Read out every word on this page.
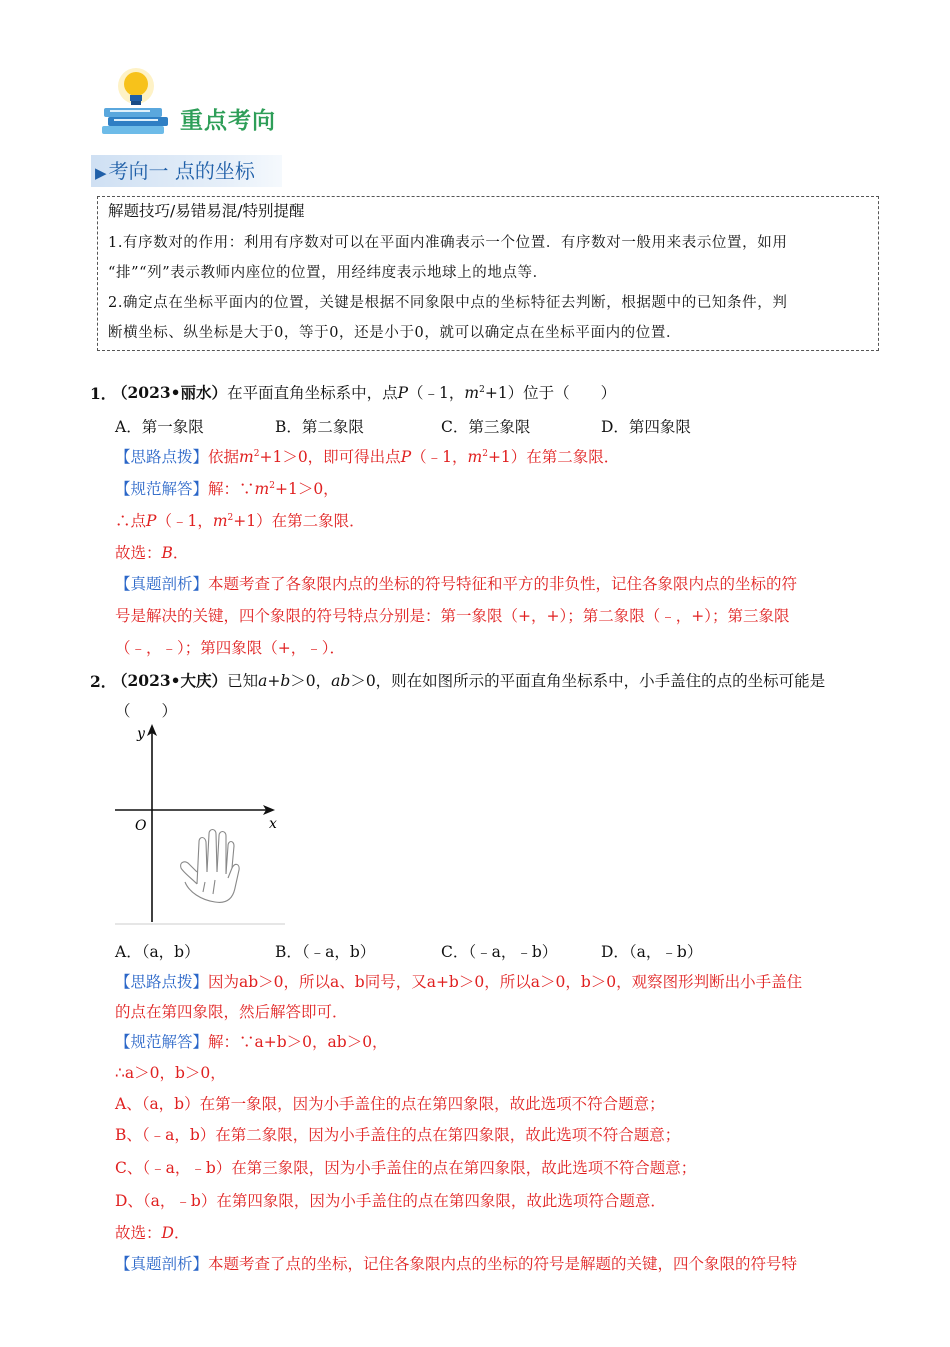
重点考向
▶ 考向一 点的坐标
解题技巧/易错易混/特别提醒
1.有序数对的作用：利用有序数对可以在平面内准确表示一个位置．有序数对一般用来表示位置，如用
“排”“列”表示教师内座位的位置，用经纬度表示地球上的地点等．
2.确定点在坐标平面内的位置，关键是根据不同象限中点的坐标特征去判断，根据题中的已知条件，判
断横坐标、纵坐标是大于0，等于0，还是小于0，就可以确定点在坐标平面内的位置．
1．
（2023•丽水）在平面直角坐标系中，点P（﹣1，$m^2+1$）位于（　　）
A．第一象限	B．第二象限	C．第三象限	D．第四象限
【思路点拨】依据$m^2+1>0$，即可得出点P（﹣1，$m^2+1$）在第二象限．
【规范解答】解：$\because m^2+1>0$，
∴点P（﹣1，$m^2+1$）在第二象限．
故选：B．
【真题剖析】本题考查了各象限内点的坐标的符号特征和平方的非负性，记住各象限内点的坐标的符
号是解决的关键，四个象限的符号特点分别是：第一象限（+，+）；第二象限（﹣，+）；第三象限
（﹣，﹣）；第四象限（+，﹣）．
2．
（2023•大庆）已知a+b＞0，ab＞0，则在如图所示的平面直角坐标系中，小手盖住的点的坐标可能是
（　　）
y
x
O
A．（a，b）	B．（﹣a，b）	C．（﹣a，﹣b）	D．（a，﹣b）
【思路点拨】因为ab＞0，所以a、b同号，又a+b＞0，所以a＞0，b＞0，观察图形判断出小手盖住
的点在第四象限，然后解答即可．
【规范解答】解：∵a+b＞0，ab＞0，
∴a＞0，b＞0，
A、（a，b）在第一象限，因为小手盖住的点在第四象限，故此选项不符合题意；
B、（﹣a，b）在第二象限，因为小手盖住的点在第四象限，故此选项不符合题意；
C、（﹣a，﹣b）在第三象限，因为小手盖住的点在第四象限，故此选项不符合题意；
D、（a，﹣b）在第四象限，因为小手盖住的点在第四象限，故此选项符合题意．
故选：D．
【真题剖析】本题考查了点的坐标，记住各象限内点的坐标的符号是解题的关键，四个象限的符号特
